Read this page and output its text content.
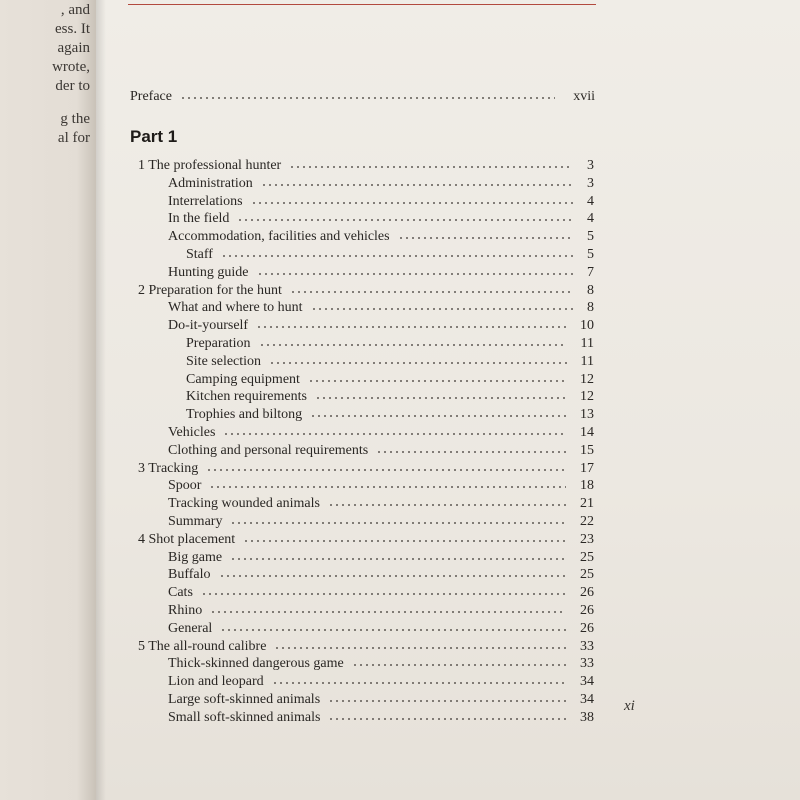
, and
ess. It
again
wrote,
der to
g the
al for
Preface	xvii
Part 1
1 The professional hunter	3
Administration	3
Interrelations	4
In the field	4
Accommodation, facilities and vehicles	5
Staff	5
Hunting guide	7
2 Preparation for the hunt	8
What and where to hunt	8
Do-it-yourself	10
Preparation	11
Site selection	11
Camping equipment	12
Kitchen requirements	12
Trophies and biltong	13
Vehicles	14
Clothing and personal requirements	15
3 Tracking	17
Spoor	18
Tracking wounded animals	21
Summary	22
4 Shot placement	23
Big game	25
Buffalo	25
Cats	26
Rhino	26
General	26
5 The all-round calibre	33
Thick-skinned dangerous game	33
Lion and leopard	34
Large soft-skinned animals	34
Small soft-skinned animals	38
xi
